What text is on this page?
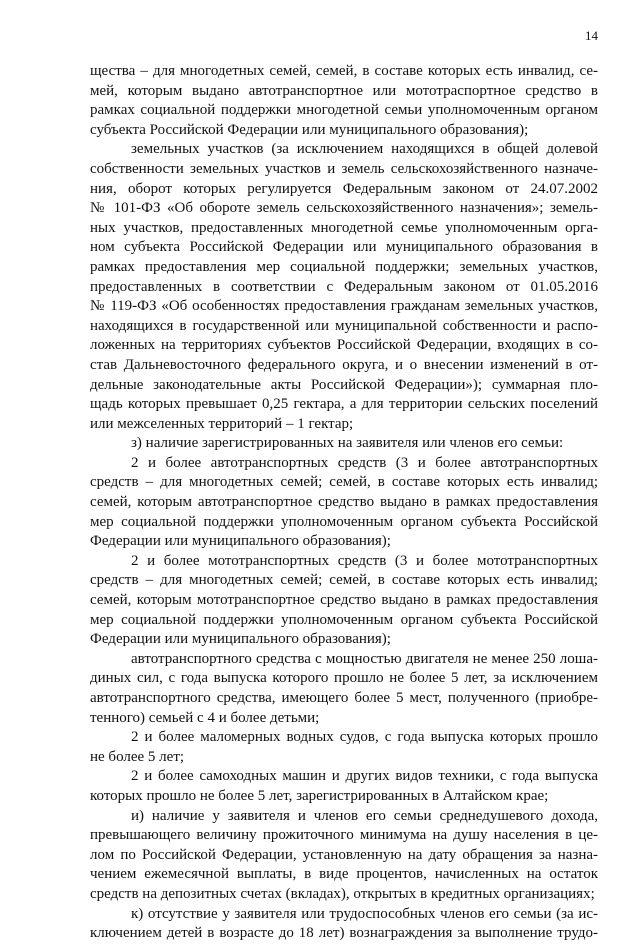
14
щества – для многодетных семей, семей, в составе которых есть инвалид, се-
мей, которым выдано автотранспортное или мототраспортное средство в
рамках социальной поддержки многодетной семьи уполномоченным органом
субъекта Российской Федерации или муниципального образования);
земельных участков (за исключением находящихся в общей долевой
собственности земельных участков и земель сельскохозяйственного назначе-
ния, оборот которых регулируется Федеральным законом от 24.07.2002
№ 101-ФЗ «Об обороте земель сельскохозяйственного назначения»; земель-
ных участков, предоставленных многодетной семье уполномоченным орга-
ном субъекта Российской Федерации или муниципального образования в
рамках предоставления мер социальной поддержки; земельных участков,
предоставленных в соответствии с Федеральным законом от 01.05.2016
№ 119-ФЗ «Об особенностях предоставления гражданам земельных участков,
находящихся в государственной или муниципальной собственности и распо-
ложенных на территориях субъектов Российской Федерации, входящих в со-
став Дальневосточного федерального округа, и о внесении изменений в от-
дельные законодательные акты Российской Федерации»); суммарная пло-
щадь которых превышает 0,25 гектара, а для территории сельских поселений
или межселенных территорий – 1 гектар;
з) наличие зарегистрированных на заявителя или членов его семьи:
2 и более автотранспортных средств (3 и более автотранспортных
средств – для многодетных семей; семей, в составе которых есть инвалид;
семей, которым автотранспортное средство выдано в рамках предоставления
мер социальной поддержки уполномоченным органом субъекта Российской
Федерации или муниципального образования);
2 и более мототранспортных средств (3 и более мототранспортных
средств – для многодетных семей; семей, в составе которых есть инвалид;
семей, которым мототранспортное средство выдано в рамках предоставления
мер социальной поддержки уполномоченным органом субъекта Российской
Федерации или муниципального образования);
автотранспортного средства с мощностью двигателя не менее 250 лоша-
диных сил, с года выпуска которого прошло не более 5 лет, за исключением
автотранспортного средства, имеющего более 5 мест, полученного (приобре-
тенного) семьей с 4 и более детьми;
2 и более маломерных водных судов, с года выпуска которых прошло
не более 5 лет;
2 и более самоходных машин и других видов техники, с года выпуска
которых прошло не более 5 лет, зарегистрированных в Алтайском крае;
и) наличие у заявителя и членов его семьи среднедушевого дохода,
превышающего величину прожиточного минимума на душу населения в це-
лом по Российской Федерации, установленную на дату обращения за назна-
чением ежемесячной выплаты, в виде процентов, начисленных на остаток
средств на депозитных счетах (вкладах), открытых в кредитных организациях;
к) отсутствие у заявителя или трудоспособных членов его семьи (за ис-
ключением детей в возрасте до 18 лет) вознаграждения за выполнение трудо-
